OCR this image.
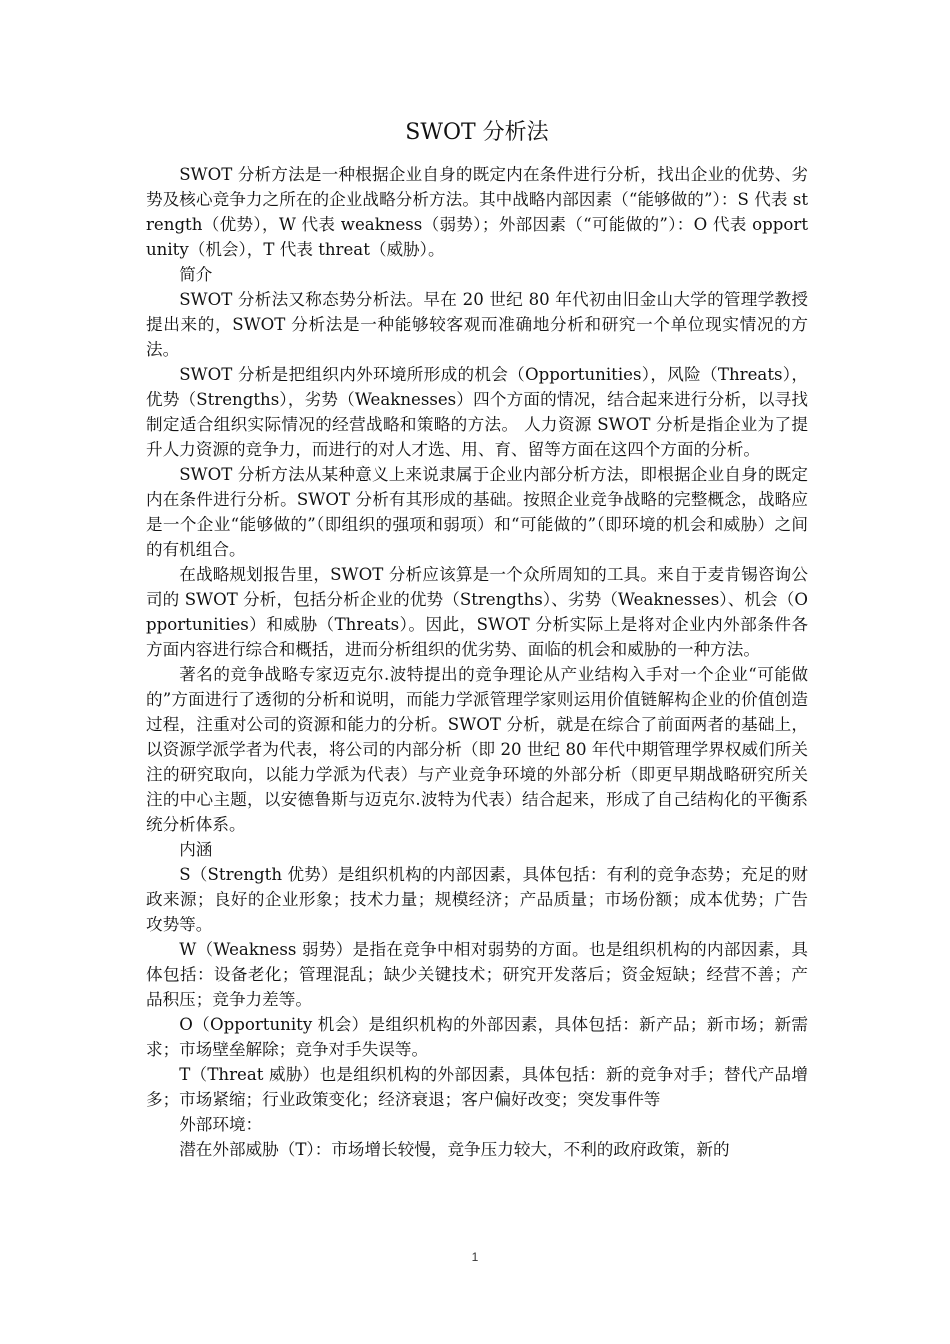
SWOT 分析法

SWOT 分析方法是一种根据企业自身的既定内在条件进行分析，找出企业的优势、劣势及核心竞争力之所在的企业战略分析方法。其中战略内部因素（“能够做的”）：S 代表 strength（优势），W 代表 weakness（弱势）；外部因素（“可能做的”）：O 代表 opportunity（机会），T 代表 threat（威胁）。

简介

SWOT 分析法又称态势分析法。早在 20 世纪 80 年代初由旧金山大学的管理学教授提出来的，SWOT 分析法是一种能够较客观而准确地分析和研究一个单位现实情况的方法。

SWOT 分析是把组织内外环境所形成的机会（Opportunities），风险（Threats），优势（Strengths），劣势（Weaknesses）四个方面的情况，结合起来进行分析，以寻找制定适合组织实际情况的经营战略和策略的方法。 人力资源 SWOT 分析是指企业为了提升人力资源的竞争力，而进行的对人才选、用、育、留等方面在这四个方面的分析。

SWOT 分析方法从某种意义上来说隶属于企业内部分析方法，即根据企业自身的既定内在条件进行分析。SWOT 分析有其形成的基础。按照企业竞争战略的完整概念，战略应是一个企业“能够做的”（即组织的强项和弱项）和“可能做的”（即环境的机会和威胁）之间的有机组合。

在战略规划报告里，SWOT 分析应该算是一个众所周知的工具。来自于麦肯锡咨询公司的 SWOT 分析，包括分析企业的优势（Strengths）、劣势（Weaknesses）、机会（Opportunities）和威胁（Threats）。因此，SWOT 分析实际上是将对企业内外部条件各方面内容进行综合和概括，进而分析组织的优劣势、面临的机会和威胁的一种方法。

著名的竞争战略专家迈克尔.波特提出的竞争理论从产业结构入手对一个企业“可能做的”方面进行了透彻的分析和说明，而能力学派管理学家则运用价值链解构企业的价值创造过程，注重对公司的资源和能力的分析。SWOT 分析，就是在综合了前面两者的基础上，以资源学派学者为代表，将公司的内部分析（即 20 世纪 80 年代中期管理学界权威们所关注的研究取向，以能力学派为代表）与产业竞争环境的外部分析（即更早期战略研究所关注的中心主题，以安德鲁斯与迈克尔.波特为代表）结合起来，形成了自己结构化的平衡系统分析体系。

内涵

S（Strength 优势）是组织机构的内部因素，具体包括：有利的竞争态势；充足的财政来源；良好的企业形象；技术力量；规模经济；产品质量；市场份额；成本优势；广告攻势等。

W（Weakness 弱势）是指在竞争中相对弱势的方面。也是组织机构的内部因素，具体包括：设备老化；管理混乱；缺少关键技术；研究开发落后；资金短缺；经营不善；产品积压；竞争力差等。

O（Opportunity 机会）是组织机构的外部因素，具体包括：新产品；新市场；新需求；市场壁垒解除；竞争对手失误等。

T（Threat 威胁）也是组织机构的外部因素，具体包括：新的竞争对手；替代产品增多；市场紧缩；行业政策变化；经济衰退；客户偏好改变；突发事件等

外部环境：

潜在外部威胁（T）：市场增长较慢，竞争压力较大，不利的政府政策，新的

1
